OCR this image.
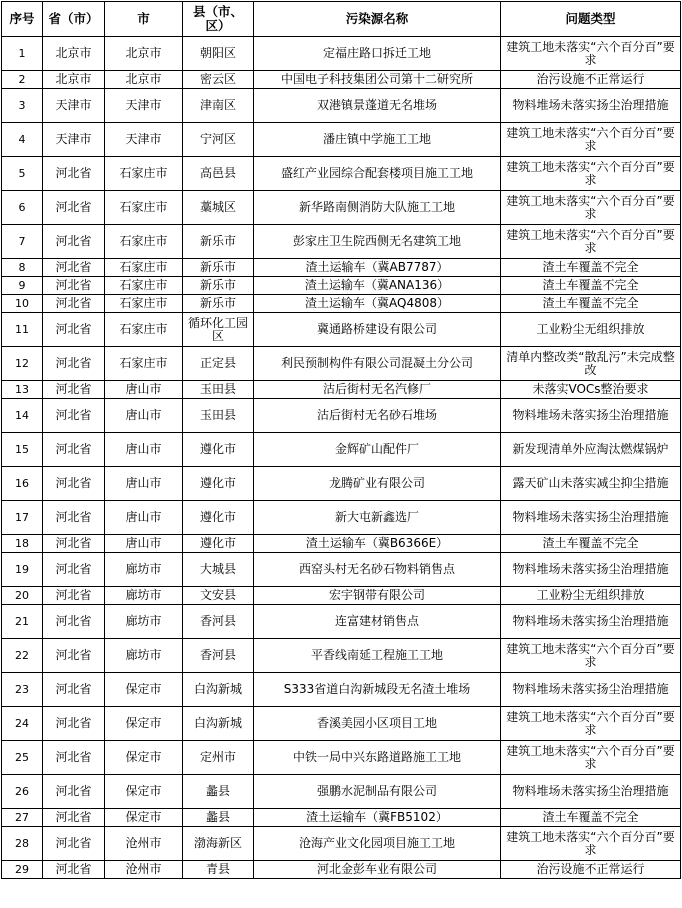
序号	省（市）	市	县（市、区）	污染源名称	问题类型
1	北京市	北京市	朝阳区	定福庄路口拆迁工地	建筑工地未落实“六个百分百”要求
2	北京市	北京市	密云区	中国电子科技集团公司第十二研究所	治污设施不正常运行
3	天津市	天津市	津南区	双港镇景蓬道无名堆场	物料堆场未落实扬尘治理措施
4	天津市	天津市	宁河区	潘庄镇中学施工工地	建筑工地未落实“六个百分百”要求
5	河北省	石家庄市	高邑县	盛红产业园综合配套楼项目施工工地	建筑工地未落实“六个百分百”要求
6	河北省	石家庄市	藁城区	新华路南侧消防大队施工工地	建筑工地未落实“六个百分百”要求
7	河北省	石家庄市	新乐市	彭家庄卫生院西侧无名建筑工地	建筑工地未落实“六个百分百”要求
8	河北省	石家庄市	新乐市	渣土运输车（冀AB7787）	渣土车覆盖不完全
9	河北省	石家庄市	新乐市	渣土运输车（冀ANA136）	渣土车覆盖不完全
10	河北省	石家庄市	新乐市	渣土运输车（冀AQ4808）	渣土车覆盖不完全
11	河北省	石家庄市	循环化工园区	冀通路桥建设有限公司	工业粉尘无组织排放
12	河北省	石家庄市	正定县	利民预制构件有限公司混凝土分公司	清单内整改类“散乱污”未完成整改
13	河北省	唐山市	玉田县	沽后街村无名汽修厂	未落实VOCs整治要求
14	河北省	唐山市	玉田县	沽后街村无名砂石堆场	物料堆场未落实扬尘治理措施
15	河北省	唐山市	遵化市	金辉矿山配件厂	新发现清单外应淘汰燃煤锅炉
16	河北省	唐山市	遵化市	龙腾矿业有限公司	露天矿山未落实减尘抑尘措施
17	河北省	唐山市	遵化市	新大屯新鑫选厂	物料堆场未落实扬尘治理措施
18	河北省	唐山市	遵化市	渣土运输车（冀B6366E）	渣土车覆盖不完全
19	河北省	廊坊市	大城县	西窑头村无名砂石物料销售点	物料堆场未落实扬尘治理措施
20	河北省	廊坊市	文安县	宏宇钢带有限公司	工业粉尘无组织排放
21	河北省	廊坊市	香河县	连富建材销售点	物料堆场未落实扬尘治理措施
22	河北省	廊坊市	香河县	平香线南延工程施工工地	建筑工地未落实“六个百分百”要求
23	河北省	保定市	白沟新城	S333省道白沟新城段无名渣土堆场	物料堆场未落实扬尘治理措施
24	河北省	保定市	白沟新城	香溪美园小区项目工地	建筑工地未落实“六个百分百”要求
25	河北省	保定市	定州市	中铁一局中兴东路道路施工工地	建筑工地未落实“六个百分百”要求
26	河北省	保定市	蠡县	强鹏水泥制品有限公司	物料堆场未落实扬尘治理措施
27	河北省	保定市	蠡县	渣土运输车（冀FB5102）	渣土车覆盖不完全
28	河北省	沧州市	渤海新区	沧海产业文化园项目施工工地	建筑工地未落实“六个百分百”要求
29	河北省	沧州市	青县	河北金彭车业有限公司	治污设施不正常运行
